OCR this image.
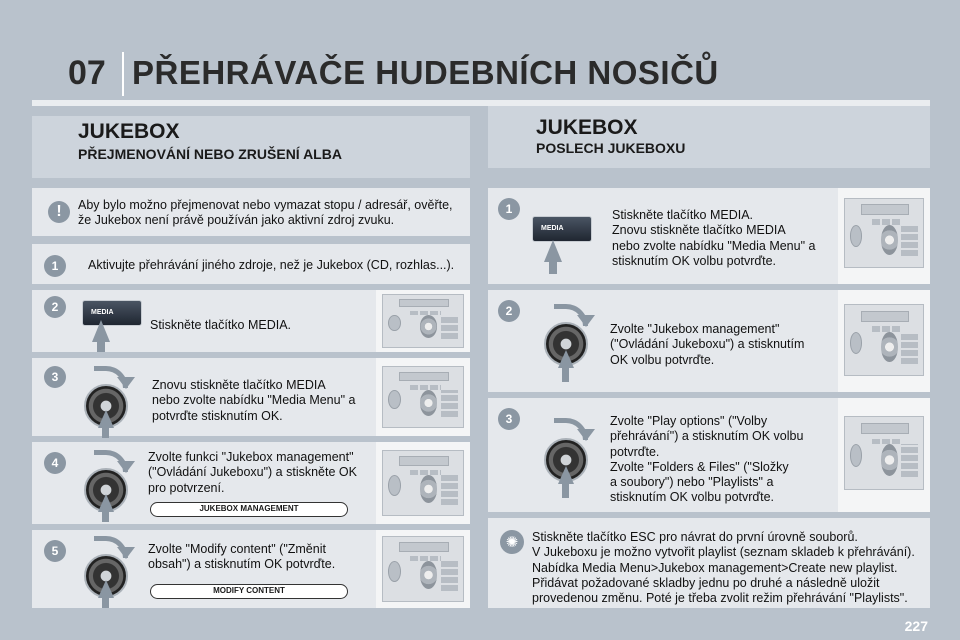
07 PŘEHRÁVAČE HUDEBNÍCH NOSIČŮ
JUKEBOX
PŘEJMENOVÁNÍ NEBO ZRUŠENÍ ALBA
!	Aby bylo možno přejmenovat nebo vymazat stopu / adresář, ověřte,
že Jukebox není právě používán jako aktivní zdroj zvuku.
1	Aktivujte přehrávání jiného zdroje, než je Jukebox (CD, rozhlas...).
2	MEDIA
Stiskněte tlačítko MEDIA.
3
Znovu stiskněte tlačítko MEDIA
nebo zvolte nabídku "Media Menu" a
potvrďte stisknutím OK.
4	Zvolte funkci "Jukebox management"
("Ovládání Jukeboxu") a stiskněte OK
pro potvrzení.
JUKEBOX MANAGEMENT
5	Zvolte "Modify content" ("Změnit
obsah") a stisknutím OK potvrďte.
MODIFY CONTENT
JUKEBOX
POSLECH JUKEBOXU
1
MEDIA
Stiskněte tlačítko MEDIA.
Znovu stiskněte tlačítko MEDIA
nebo zvolte nabídku "Media Menu" a
stisknutím OK volbu potvrďte.
2
Zvolte "Jukebox management"
("Ovládání Jukeboxu") a stisknutím
OK volbu potvrďte.
3	Zvolte "Play options" ("Volby
přehrávání") a stisknutím OK volbu
potvrďte.
Zvolte "Folders & Files" ("Složky
a soubory") nebo "Playlists" a
stisknutím OK volbu potvrďte.
✺	Stiskněte tlačítko ESC pro návrat do první úrovně souborů.
V Jukeboxu je možno vytvořit playlist (seznam skladeb k přehrávání).
Nabídka Media Menu>Jukebox management>Create new playlist.
Přidávat požadované skladby jednu po druhé a následně uložit
provedenou změnu. Poté je třeba zvolit režim přehrávání "Playlists".
227
